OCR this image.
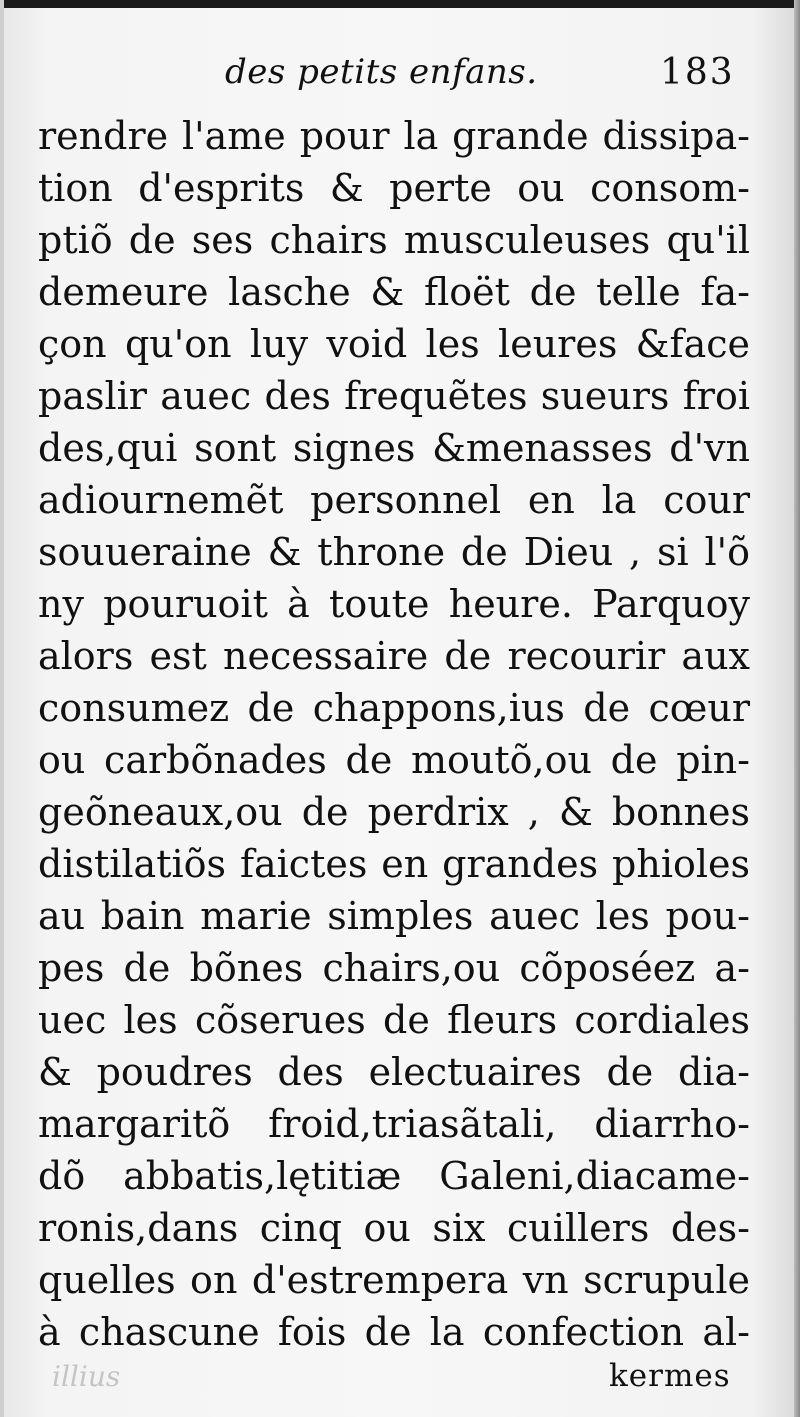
des petits enfans.	183
rendre l'ame pour la grande dissipa-
tion d'esprits & perte ou consom-
ptiõ de ses chairs musculeuses qu'il
demeure lasche & floët de telle fa-
çon qu'on luy void les leures &face
paslir auec des frequẽtes sueurs froi
des,qui sont signes &menasses d'vn
adiournemẽt personnel en la cour
souueraine & throne de Dieu , si l'õ
ny pouruoit à toute heure. Parquoy
alors est necessaire de recourir aux
consumez de chappons,ius de cœur
ou carbõnades de moutõ,ou de pin-
geõneaux,ou de perdrix , & bonnes
distilatiõs faictes en grandes phioles
au bain marie simples auec les pou-
pes de bõnes chairs,ou cõposéez a-
uec les cõserues de fleurs cordiales
& poudres des electuaires de dia-
margaritõ froid,triasãtali, diarrho-
dõ abbatis,lętitiæ Galeni,diacame-
ronis,dans cinq ou six cuillers des-
quelles on d'estrempera vn scrupule
à chascune fois de la confection al-
illius	kermes
